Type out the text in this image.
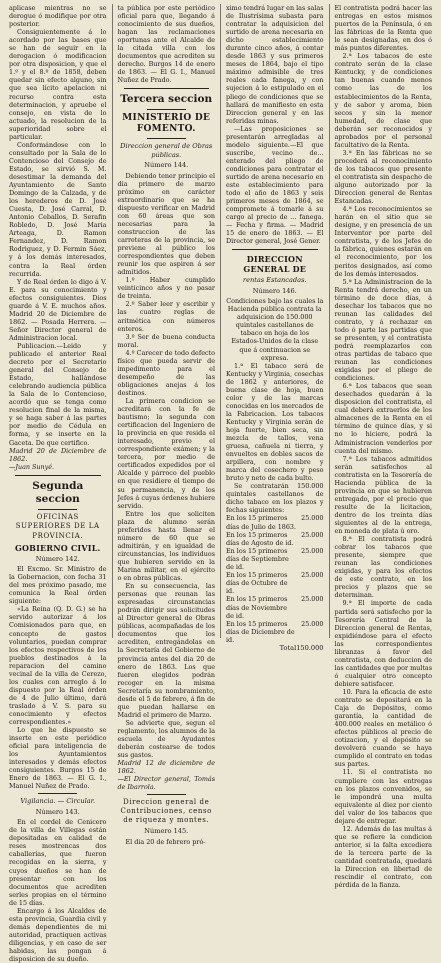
aplicase mientras no se derogue ó modifique por otra posterior.

Consiguientemente á lo acordado por las bases que se han de seguir en la derogacion ó modificacion por otra disposicion, y que el 1.º y el 8.º de 1858, deben quedar sin efecto alguno, sin que sea lícito apelacion ni recurso contra esta determinacion, y apruebe el consejo, en vista de lo actuado, la resolucion de la superioridad sobre el particular.

Conformándose con lo consultado por la Sala de lo Contencioso del Consejo de Estado, se sirvió S. M. desestimar la demanda del Ayuntamiento de Santo Domingo de la Calzada, y de los herederos de D. José Cuesta, D. José Carral, D. Antonio Ceballos, D. Serafin Robledo, D. José Maria Arteaga, D. Ramon Fernandez, D. Ramon Rodriguez, y D. Fermin Sáez, y á los demás interesados, contra la Real órden recurrida.

Y de Real órden lo digo á V. E. para su conocimiento y efectos consiguientes. Dios guarde á V. E. muchos años. Madrid 20 de Diciembre de 1862. — Posada Herrera. — Señor Director general de Administracion local.

Publicacion.—Leido y publicado el anterior Real decreto por el Secretario general del Consejo de Estado, hallándose celebrando audiencia pública la Sala de lo Contencioso, acordó que se tenga como resolucion final de la misma, y se haga saber á las partes por medio de Cédula en forma, y se inserte en la Gaceta. De que certifico.

Madrid 20 de Diciembre de 1862.

—Juan Sunyé.

Segunda seccion
OFICINAS SUPERIORES DE LA
PROVINCIA.
GOBIERNO CIVIL.
Número 142.

El Excmo. Sr. Ministro de la Gobernacion, con fecha 31 del mes próximo pasado, me comunica la Real órden siguiente:

«La Reina (Q. D. G.) se ha servido autorizar á los Comisionados para que, en concepto de gastos voluntarios, puedan comprar los efectos respectivos de los pueblos destinados á la reparacion del camino vecinal de la villa de Cerezo, los cuales con arreglo á lo dispuesto por la Real órden de 4 de Julio último, dará traslado á V. S. para su conocimiento y efectos correspondientes.»

Lo que he dispuesto se inserte en este periódico oficial para inteligencia de los Ayuntamientos interesados y demás efectos consiguientes. Burgos 15 de Enero de 1863. — El G. I., Manuel Nuñez de Prado.

Vigilancia. — Circular.
Número 143.

En el cordel de Cenicero de la villa de Villegas están depositadas en calidad de reses mostrencas dos caballerías, que fueron recogidas en la sierra, y cuyos dueños se han de presentar con los documentos que acrediten serles propias en el término de 15 días.

Encargo á los Alcaldes de esta provincia, Guardia civil y demás dependientes de mi autoridad, practiquen activas diligencias, y en caso de ser habidas, las pongan á disposicion de su dueño.

ta pública por este periódico oficial para que, llegando á conocimiento de sus dueños, hagan las reclamaciones oportunas ante el Alcalde de la citada villa con los documentos que acrediten su derecho. Burgos 14 de enero de 1863. — El G. I., Manuel Nuñez de Prado.

Tercera seccion
MINISTERIO DE FOMENTO.
Direccion general de Obras públicas.
Número 144.

Debiendo tener principio el dia primero de marzo próximo en carácter extraordinario que se ha dispuesto verificar en Madrid con 60 áreas que son necesarias para la construccion de las carreteras de la provincia, se previene al público los correspondientes que deben reunir los que aspiren á ser admitidos.

1.º Haber cumplido veinticinco años y no pasar de treinta.

2.º Saber leer y escribir y las cuatro reglas de aritmética con números enteros.

3.º Ser de buena conducta moral.

4.º Carecer de todo defecto físico que pueda servir de impedimento para el desempeño de las obligaciones anejas á los destinos.

La primera condicion se acreditará con la fe de bautismo; la segunda con certificacion del Ingeniero de la provincia en que resida el interesado, previo el correspondiente exámen; y la tercera, por medio de certificados expedidos por el Alcalde y párroco del pueblo en que residiere el tiempo de su permanencia, y de los Jefes á cuyas órdenes hubiere servido.

Entre los que soliciten plaza de alumno serán preferidos hasta llenar el número de 60 que se admitirán, y en igualdad de circunstancias, los individuos que hubieren servido en la Marina militar, en el ejército o en obras públicas.

En su consecuencia, las personas que reunan las expresadas circunstancias podrán dirigir sus solicitudes al Director general de Obras públicas, acompañadas de los documentos que los acrediten, entregándolas en la Secretaría del Gobierno de provincia antes del dia 20 de enero de 1863. Los que fueren elegidos podrán recoger en la misma Secretaría su nombramiento, desde el 5 de febrero, á fin de que puedan hallarse en Madrid el primero de Marzo.

Se advierte que, segun el reglamento, los alumnos de la escuela de Ayudantes deberán costearse de todos sus gastos.

Madrid 12 de diciembre de 1862.

—El Director general, Tomás de Ibarrola.

Direccion general de Contribuciones, censo de riqueza y montes.
Número 145.

El dia 20 de febrero pró-

ximo tendrá lugar en las salas de Ilustrísima subasta para contratar la adquisicion del surtido de arena necesaria en dicho establecimiento durante cinco años, á contar desde 1863 y sus primeros meses de 1864, bajo el tipo máximo admisible de tres reales cada fanega, y con sujecion á lo estipulado en el pliego de condiciones que se hallará de manifiesto en esta Direccion general y en las referidas minas.

—Las proposiciones se presentarán arregladas al modelo siguiente.—El que suscribe, vecino de... enterado del pliego de condiciones para contratar el surtido de arena necesario en este establecimiento para todo el año de 1863 y seis primeros meses de 1864, se compromete á tomarle á su cargo al precio de ... fanega. — Fecha y firma. — Madrid 15 de enero de 1863. — El Director general, José Gener.

DIRECCION GENERAL DE
rentas Estancadas.
Número 146.

Condiciones bajo las cuales la Hacienda pública contrata la adquisicion de 150.000 quintales castellanos de tabaco en hoja de los Estados-Unidos de la clase que á continuacion se expresa.

1.ª El tabaco será de Kentucky y Virginia, cosechas de 1862 y anteriores, de buena clase de hoja, buen color y de las marcas conocidas en los mercados de la Fabricacion. Los tabacos Kentucky y Virginia serán de hoja fuerte, bien seca, sin mezcla de tallos, vena gruesa, cañuela ni tierra, y envueltos en dobles sacos de arpillera, con nombre y marca del cosechero y peso bruto y neto de cada bulto.

Se contratarán 150.000 quintales castellanos de dicho tabaco en los plazos y fechas siguientes:

En los 15 primeros días de Julio de 1863.	25.000
En los 15 primeros días de Agosto de id.	25.000
En los 15 primeros días de Septiembre de id.	25.000
En los 15 primeros días de Octubre de id.	25.000
En los 15 primeros días de Noviembre de id.	25.000
En los 15 primeros días de Diciembre de id.	25.000
Total	150.000

El contratista podrá hacer las entregas en estos mismos puertos de la Península, ó en las fábricas de la Renta que le sean designadas, en dos ó más puntos diferentes.

2.ª Los tabacos de este contrato serán de la clase Kentucky, y de condiciones tan buenas cuando menos como las de los establecimientos de la Renta, y de sabor y aroma, bien secos y sin la menor humedad, de clase que deberán ser reconocidos y aprobados por el personal facultativo de la Renta.

3.ª En las fábricas no se procederá al reconocimiento de los tabacos que presente el contratista sin despacho de alguno autorizado por la Direccion general de Rentas Estancadas.

4.ª Los reconocimientos se harán en el sitio que se designe, y en presencia de un Interventor por parte del contratista, y de los Jefes de la fábrica, quienes estarán en el reconocimiento, por los peritos designados, así como de los demás interesados.

5.ª La Administracion de la Renta tendrá derecho, en un término de doce días, á desechar los tabacos que no reunan las calidades del contrato, y á rechazar en todo ó parte las partidas que se presenten, y el contratista podrá reemplazarlos con otras partidas de tabaco que reunan las condiciones exigidas por el pliego de condiciones.

6.ª Los tabacos que sean desechados quedarán á la disposicion del contratista, el cual deberá extraerlos de los almacenes de la Renta en el término de quince días, y si no lo hiciere, podrá la Administracion venderlos por cuenta del mismo.

7.ª Los tabacos admitidos serán satisfechos al contratista en la Tesorería de Hacienda pública de la provincia en que se hubieren entregado, por el precio que resulte de la licitacion, dentro de los treinta días siguientes al de la entrega, en moneda de plata ú oro.

8.ª El contratista podrá cobrar los tabacos que presente, siempre que reunan las condiciones exigidas, y para los efectos de este contrato, en los precios y plazos que se determinan.

9.ª El importe de cada partida será satisfecho por la Tesorería Central de la Direccion general de Rentas, expidiéndose para el efecto las correspondientes libranzas á favor del contratista, con deduccion de las cantidades que por multas ó cualquier otro concepto debiere satisfacer.

10. Para la eficacia de este contrato se depositará en la Caja de Depósitos, como garantía, la cantidad de 400.000 reales en metálico ó efectos públicos al precio de cotizacion, y el depósito se devolverá cuando se haya cumplido el contrato en todas sus partes.

11. Si el contratista no cumpliere con las entregas en los plazos convenidos, se le impondrá una multa equivalente al diez por ciento del valor de los tabacos que dejare de entregar.

12. Además de las multas á que se refiere la condicion anterior, si la falta excediera de la tercera parte de la cantidad contratada, quedará la Direccion en libertad de rescindir el contrato, con pérdida de la fianza.
